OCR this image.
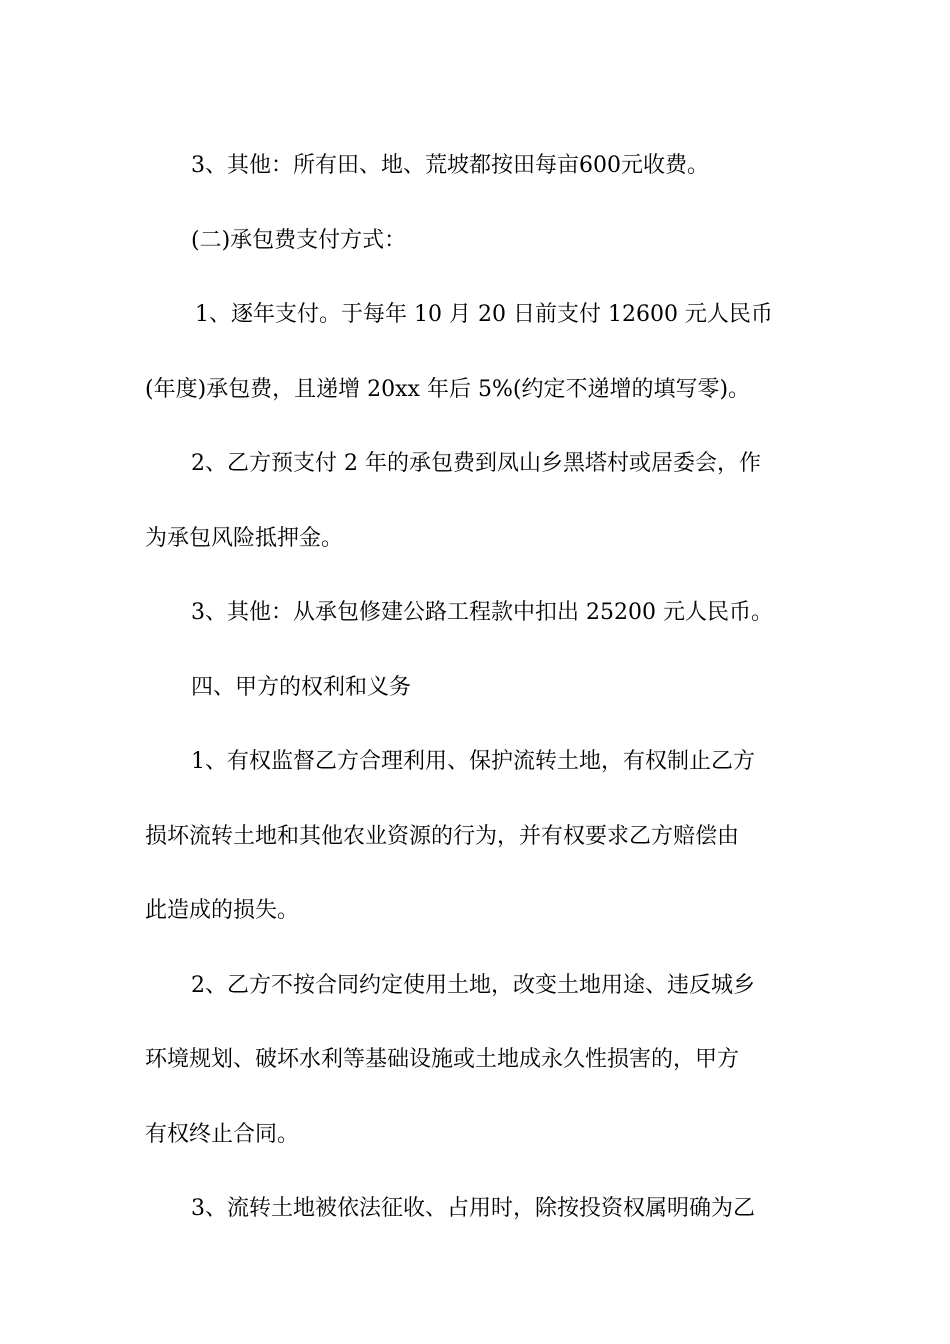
3、其他：所有田、地、荒坡都按田每亩600元收费。

(二)承包费支付方式：

1、逐年支付。于每年 10 月 20 日前支付 12600 元人民币
(年度)承包费，且递增 20xx 年后 5%(约定不递增的填写零)。

2、乙方预支付 2 年的承包费到凤山乡黑塔村或居委会，作
为承包风险抵押金。

3、其他：从承包修建公路工程款中扣出 25200 元人民币。

四、甲方的权利和义务

1、有权监督乙方合理利用、保护流转土地，有权制止乙方
损坏流转土地和其他农业资源的行为，并有权要求乙方赔偿由
此造成的损失。

2、乙方不按合同约定使用土地，改变土地用途、违反城乡
环境规划、破坏水利等基础设施或土地成永久性损害的，甲方
有权终止合同。

3、流转土地被依法征收、占用时，除按投资权属明确为乙
